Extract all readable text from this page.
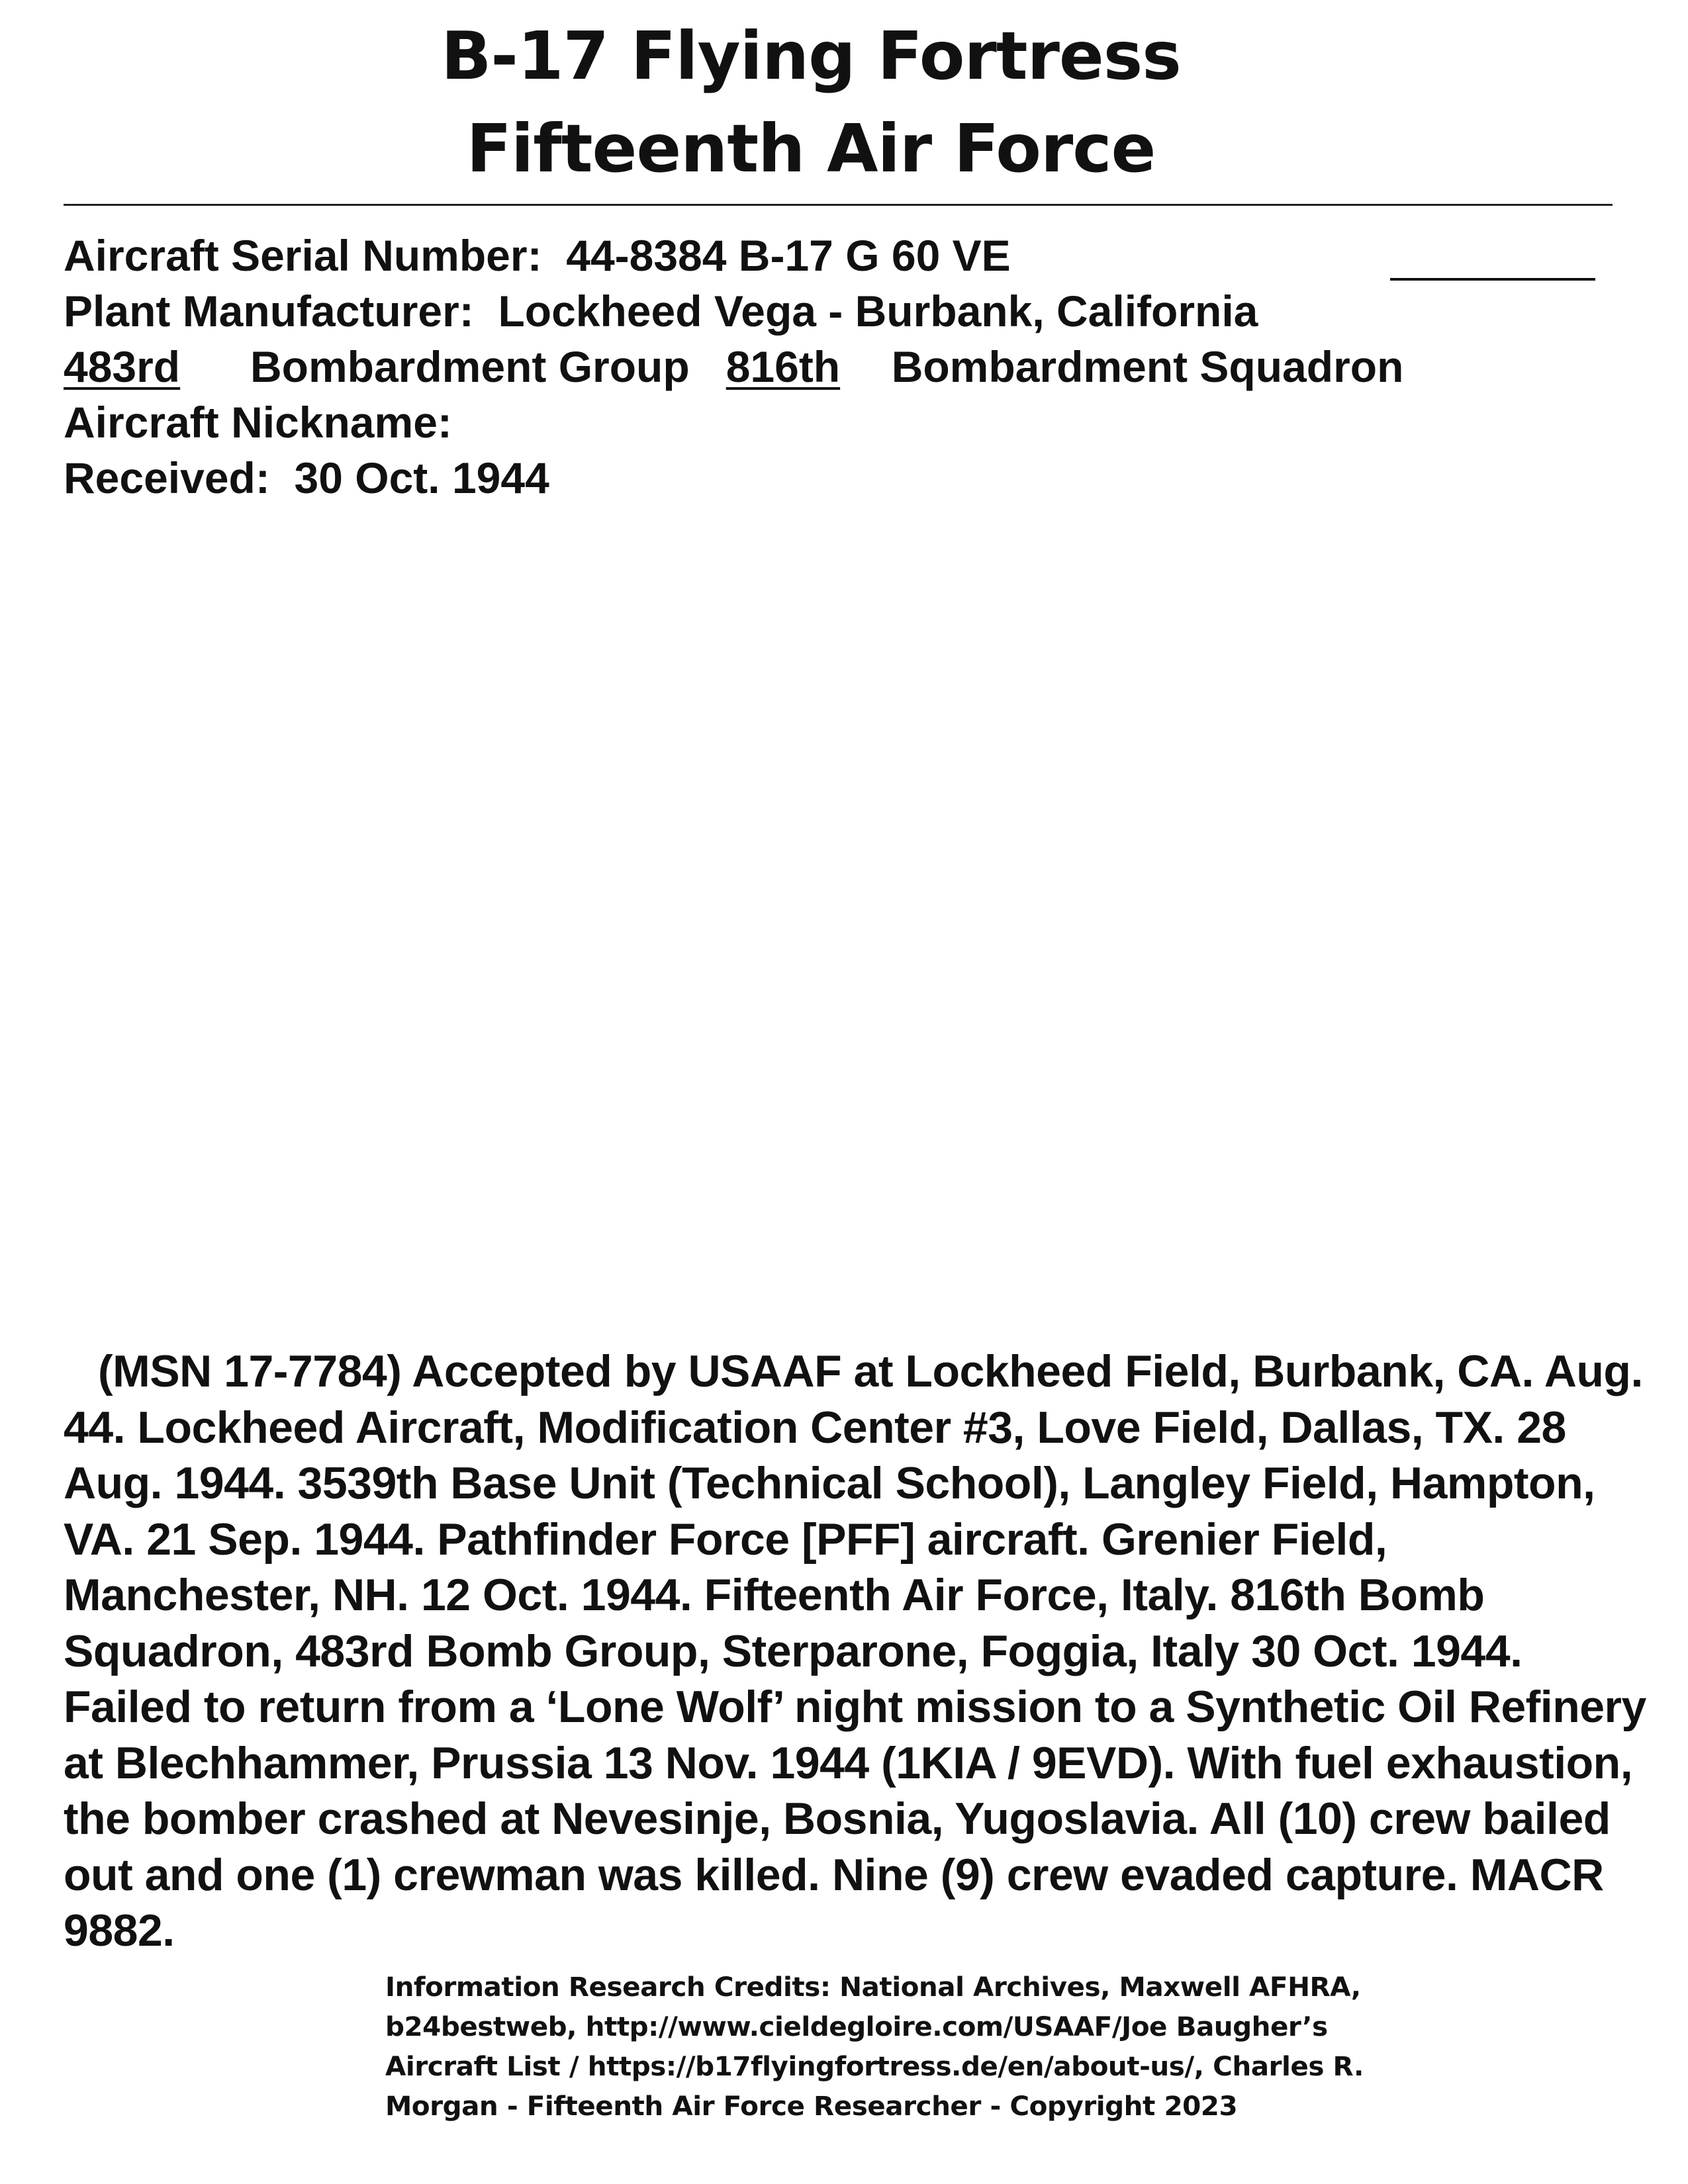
B-17 Flying Fortress
Fifteenth Air Force
Aircraft Serial Number: 44-8384 B-17 G 60 VE
Plant Manufacturer: Lockheed Vega - Burbank, California
483rd Bombardment Group 816th Bombardment Squadron
Aircraft Nickname:
Received: 30 Oct. 1944
(MSN 17-7784) Accepted by USAAF at Lockheed Field, Burbank, CA. Aug. 44. Lockheed Aircraft, Modification Center #3, Love Field, Dallas, TX. 28 Aug. 1944. 3539th Base Unit (Technical School), Langley Field, Hampton, VA. 21 Sep. 1944. Pathfinder Force [PFF] aircraft. Grenier Field, Manchester, NH. 12 Oct. 1944. Fifteenth Air Force, Italy. 816th Bomb Squadron, 483rd Bomb Group, Sterparone, Foggia, Italy 30 Oct. 1944. Failed to return from a ‘Lone Wolf’ night mission to a Synthetic Oil Refinery at Blechhammer, Prussia 13 Nov. 1944 (1KIA / 9EVD). With fuel exhaustion, the bomber crashed at Nevesinje, Bosnia, Yugoslavia. All (10) crew bailed out and one (1) crewman was killed. Nine (9) crew evaded capture. MACR 9882.
Information Research Credits: National Archives, Maxwell AFHRA,
b24bestweb, http://www.cieldegloire.com/USAAF/Joe Baugher’s
Aircraft List / https://b17flyingfortress.de/en/about-us/, Charles R.
Morgan - Fifteenth Air Force Researcher - Copyright 2023
